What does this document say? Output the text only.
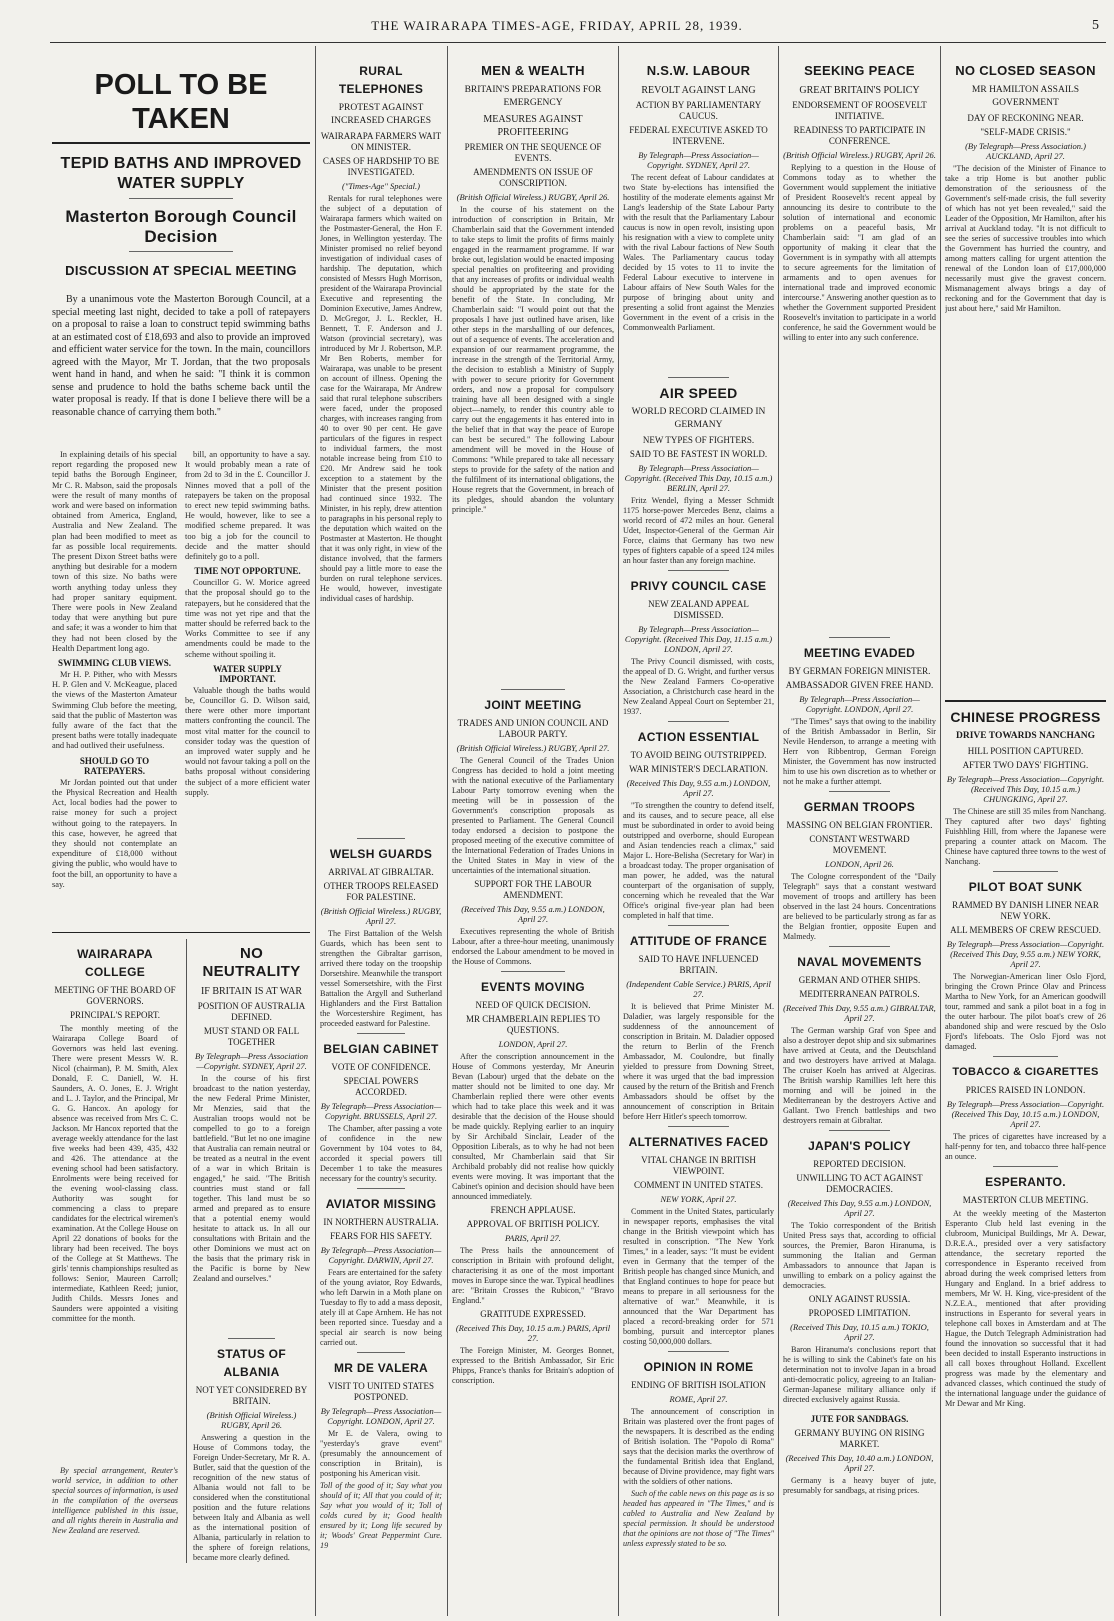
THE WAIRARAPA TIMES-AGE, FRIDAY, APRIL 28, 1939.	5
POLL TO BE TAKEN
TEPID BATHS AND IMPROVED WATER SUPPLY
Masterton Borough Council Decision
DISCUSSION AT SPECIAL MEETING

By a unanimous vote the Masterton Borough Council, at a special meeting last night, decided to take a poll of ratepayers on a proposal to raise a loan to construct tepid swimming baths at an estimated cost of £18,693 and also to provide an improved and efficient water service for the town. In the main, councillors agreed with the Mayor, Mr T. Jordan, that the two proposals went hand in hand, and when he said: "I think it is common sense and prudence to hold the baths scheme back until the water proposal is ready. If that is done I believe there will be a reasonable chance of carrying them both."

In explaining details of his special report regarding the proposed new tepid baths the Borough Engineer, Mr C. R. Mabson, said the proposals were the result of many months of work and were based on information obtained from America, England, Australia and New Zealand. The plan had been modified to meet as far as possible local requirements. The present Dixon Street baths were anything but desirable for a modern town of this size. No baths were worth anything today unless they had proper sanitary equipment. There were pools in New Zealand today that were anything but pure and safe; it was a wonder to him that they had not been closed by the Health Department long ago.

SWIMMING CLUB VIEWS.

Mr H. P. Pither, who with Messrs H. P. Glen and V. McKeague, placed the views of the Masterton Amateur Swimming Club before the meeting, said that the public of Masterton was fully aware of the fact that the present baths were totally inadequate and had outlived their usefulness.

SHOULD GO TO RATEPAYERS.

Mr Jordan pointed out that under the Physical Recreation and Health Act, local bodies had the power to raise money for such a project without going to the ratepayers. In this case, however, he agreed that they should not contemplate an expenditure of £18,000 without giving the public, who would have to foot the bill, an opportunity to have a say.

bill, an opportunity to have a say. It would probably mean a rate of from 2d to 3d in the £. Councillor J. Ninnes moved that a poll of the ratepayers be taken on the proposal to erect new tepid swimming baths. He would, however, like to see a modified scheme prepared. It was too big a job for the council to decide and the matter should definitely go to a poll.

TIME NOT OPPORTUNE.

Councillor G. W. Morice agreed that the proposal should go to the ratepayers, but he considered that the time was not yet ripe and that the matter should be referred back to the Works Committee to see if any amendments could be made to the scheme without spoiling it.

WATER SUPPLY IMPORTANT.

Valuable though the baths would be, Councillor G. D. Wilson said, there were other more important matters confronting the council. The most vital matter for the council to consider today was the question of an improved water supply and he would not favour taking a poll on the baths proposal without considering the subject of a more efficient water supply.

WAIRARAPA COLLEGE
MEETING OF THE BOARD OF GOVERNORS.
PRINCIPAL'S REPORT.

The monthly meeting of the Wairarapa College Board of Governors was held last evening. There were present Messrs W. R. Nicol (chairman), P. M. Smith, Alex Donald, F. C. Daniell, W. H. Saunders, A. O. Jones, E. J. Wright and L. J. Taylor, and the Principal, Mr G. G. Hancox. An apology for absence was received from Mrs C. C. Jackson. Mr Hancox reported that the average weekly attendance for the last five weeks had been 439, 435, 432 and 426. The attendance at the evening school had been satisfactory. Enrolments were being received for the evening wool-classing class. Authority was sought for commencing a class to prepare candidates for the electrical wiremen's examination. At the College House on April 22 donations of books for the library had been received. The boys of the College at St Matthews. The girls' tennis championships resulted as follows: Senior, Maureen Carroll; intermediate, Kathleen Reed; junior, Judith Childs. Messrs Jones and Saunders were appointed a visiting committee for the month.

By special arrangement, Reuter's world service, in addition to other special sources of information, is used in the compilation of the overseas intelligence published in this issue, and all rights therein in Australia and New Zealand are reserved.

NO NEUTRALITY
IF BRITAIN IS AT WAR
POSITION OF AUSTRALIA DEFINED.
MUST STAND OR FALL TOGETHER
By Telegraph—Press Association—Copyright. SYDNEY, April 27.

In the course of his first broadcast to the nation yesterday, the new Federal Prime Minister, Mr Menzies, said that the Australian troops would not be compelled to go to a foreign battlefield. "But let no one imagine that Australia can remain neutral or be treated as a neutral in the event of a war in which Britain is engaged," he said. "The British countries must stand or fall together. This land must be so armed and prepared as to ensure that a potential enemy would hesitate to attack us. In all our consultations with Britain and the other Dominions we must act on the basis that the primary risk in the Pacific is borne by New Zealand and ourselves."

STATUS OF ALBANIA
NOT YET CONSIDERED BY BRITAIN.
(British Official Wireless.) RUGBY, April 26.

Answering a question in the House of Commons today, the Foreign Under-Secretary, Mr R. A. Butler, said that the question of the recognition of the new status of Albania would not fall to be considered when the constitutional position and the future relations between Italy and Albania as well as the international position of Albania, particularly in relation to the sphere of foreign relations, became more clearly defined.

RURAL TELEPHONES
PROTEST AGAINST INCREASED CHARGES
WAIRARAPA FARMERS WAIT ON MINISTER.
CASES OF HARDSHIP TO BE INVESTIGATED.
("Times-Age" Special.)

Rentals for rural telephones were the subject of a deputation of Wairarapa farmers which waited on the Postmaster-General, the Hon F. Jones, in Wellington yesterday. The Minister promised no relief beyond investigation of individual cases of hardship. The deputation, which consisted of Messrs Hugh Morrison, president of the Wairarapa Provincial Executive and representing the Dominion Executive, James Andrew, D. McGregor, J. L. Reckler, H. Bennett, T. F. Anderson and J. Watson (provincial secretary), was introduced by Mr J. Robertson, M.P. Mr Ben Roberts, member for Wairarapa, was unable to be present on account of illness. Opening the case for the Wairarapa, Mr Andrew said that rural telephone subscribers were faced, under the proposed charges, with increases ranging from 40 to over 90 per cent. He gave particulars of the figures in respect to individual farmers, the most notable increase being from £10 to £20. Mr Andrew said he took exception to a statement by the Minister that the present position had continued since 1932. The Minister, in his reply, drew attention to paragraphs in his personal reply to the deputation which waited on the Postmaster at Masterton. He thought that it was only right, in view of the distance involved, that the farmers should pay a little more to ease the burden on rural telephone services. He would, however, investigate individual cases of hardship.

WELSH GUARDS
ARRIVAL AT GIBRALTAR.
OTHER TROOPS RELEASED FOR PALESTINE.
(British Official Wireless.) RUGBY, April 27.

The First Battalion of the Welsh Guards, which has been sent to strengthen the Gibraltar garrison, arrived there today on the troopship Dorsetshire. Meanwhile the transport vessel Somersetshire, with the First Battalion the Argyll and Sutherland Highlanders and the First Battalion the Worcestershire Regiment, has proceeded eastward for Palestine.

BELGIAN CABINET
VOTE OF CONFIDENCE.
SPECIAL POWERS ACCORDED.
By Telegraph—Press Association—Copyright. BRUSSELS, April 27.

The Chamber, after passing a vote of confidence in the new Government by 104 votes to 84, accorded it special powers till December 1 to take the measures necessary for the country's security.

AVIATOR MISSING
IN NORTHERN AUSTRALIA.
FEARS FOR HIS SAFETY.
By Telegraph—Press Association—Copyright. DARWIN, April 27.

Fears are entertained for the safety of the young aviator, Roy Edwards, who left Darwin in a Moth plane on Tuesday to fly to add a mass deposit, ately ill at Cape Arnhem. He has not been reported since. Tuesday and a special air search is now being carried out.

MR DE VALERA
VISIT TO UNITED STATES POSTPONED.
By Telegraph—Press Association—Copyright. LONDON, April 27.

Mr E. de Valera, owing to "yesterday's grave event" (presumably the announcement of conscription in Britain), is postponing his American visit.

Toll of the good of it; Say what you should of it; All that you could of it; Say what you would of it; Toll of colds cured by it; Good health ensured by it; Long life secured by it; Woods' Great Peppermint Cure. 19

MEN & WEALTH
BRITAIN'S PREPARATIONS FOR EMERGENCY
MEASURES AGAINST PROFITEERING
PREMIER ON THE SEQUENCE OF EVENTS.
AMENDMENTS ON ISSUE OF CONSCRIPTION.
(British Official Wireless.) RUGBY, April 26.

In the course of his statement on the introduction of conscription in Britain, Mr Chamberlain said that the Government intended to take steps to limit the profits of firms mainly engaged in the rearmament programme. If war broke out, legislation would be enacted imposing special penalties on profiteering and providing that any increases of profits or individual wealth should be appropriated by the state for the benefit of the State. In concluding, Mr Chamberlain said: "I would point out that the proposals I have just outlined have arisen, like other steps in the marshalling of our defences, out of a sequence of events. The acceleration and expansion of our rearmament programme, the increase in the strength of the Territorial Army, the decision to establish a Ministry of Supply with power to secure priority for Government orders, and now a proposal for compulsory training have all been designed with a single object—namely, to render this country able to carry out the engagements it has entered into in the belief that in that way the peace of Europe can best be secured." The following Labour amendment will be moved in the House of Commons: "While prepared to take all necessary steps to provide for the safety of the nation and the fulfilment of its international obligations, the House regrets that the Government, in breach of its pledges, should abandon the voluntary principle."

JOINT MEETING
TRADES AND UNION COUNCIL AND LABOUR PARTY.
(British Official Wireless.) RUGBY, April 27.

The General Council of the Trades Union Congress has decided to hold a joint meeting with the national executive of the Parliamentary Labour Party tomorrow evening when the meeting will be in possession of the Government's conscription proposals as presented to Parliament. The General Council today endorsed a decision to postpone the proposed meeting of the executive committee of the International Federation of Trades Unions in the United States in May in view of the uncertainties of the international situation.

SUPPORT FOR THE LABOUR AMENDMENT.
(Received This Day, 9.55 a.m.) LONDON, April 27.

Executives representing the whole of British Labour, after a three-hour meeting, unanimously endorsed the Labour amendment to be moved in the House of Commons.

EVENTS MOVING
NEED OF QUICK DECISION.
MR CHAMBERLAIN REPLIES TO QUESTIONS.
LONDON, April 27.

After the conscription announcement in the House of Commons yesterday, Mr Aneurin Bevan (Labour) urged that the debate on the matter should not be limited to one day. Mr Chamberlain replied there were other events which had to take place this week and it was desirable that the decision of the House should be made quickly. Replying earlier to an inquiry by Sir Archibald Sinclair, Leader of the Opposition Liberals, as to why he had not been consulted, Mr Chamberlain said that Sir Archibald probably did not realise how quickly events were moving. It was important that the Cabinet's opinion and decision should have been announced immediately.

FRENCH APPLAUSE.
APPROVAL OF BRITISH POLICY.
PARIS, April 27.

The Press hails the announcement of conscription in Britain with profound delight, characterising it as one of the most important moves in Europe since the war. Typical headlines are: "Britain Crosses the Rubicon," "Bravo England."

GRATITUDE EXPRESSED.
(Received This Day, 10.15 a.m.) PARIS, April 27.

The Foreign Minister, M. Georges Bonnet, expressed to the British Ambassador, Sir Eric Phipps, France's thanks for Britain's adoption of conscription.

N.S.W. LABOUR
REVOLT AGAINST LANG
ACTION BY PARLIAMENTARY CAUCUS.
FEDERAL EXECUTIVE ASKED TO INTERVENE.
By Telegraph—Press Association—Copyright. SYDNEY, April 27.

The recent defeat of Labour candidates at two State by-elections has intensified the hostility of the moderate elements against Mr Lang's leadership of the State Labour Party with the result that the Parliamentary Labour caucus is now in open revolt, insisting upon his resignation with a view to complete unity with the rival Labour factions of New South Wales. The Parliamentary caucus today decided by 15 votes to 11 to invite the Federal Labour executive to intervene in Labour affairs of New South Wales for the purpose of bringing about unity and presenting a solid front against the Menzies Government in the event of a crisis in the Commonwealth Parliament.

AIR SPEED
WORLD RECORD CLAIMED IN GERMANY
NEW TYPES OF FIGHTERS.
SAID TO BE FASTEST IN WORLD.
By Telegraph—Press Association—Copyright. (Received This Day, 10.15 a.m.) BERLIN, April 27.

Fritz Wendel, flying a Messer Schmidt 1175 horse-power Mercedes Benz, claims a world record of 472 miles an hour. General Udet, Inspector-General of the German Air Force, claims that Germany has two new types of fighters capable of a speed 124 miles an hour faster than any foreign machine.

PRIVY COUNCIL CASE
NEW ZEALAND APPEAL DISMISSED.
By Telegraph—Press Association—Copyright. (Received This Day, 11.15 a.m.) LONDON, April 27.

The Privy Council dismissed, with costs, the appeal of D. G. Wright, and further versus the New Zealand Farmers Co-operative Association, a Christchurch case heard in the New Zealand Appeal Court on September 21, 1937.

ACTION ESSENTIAL
TO AVOID BEING OUTSTRIPPED.
WAR MINISTER'S DECLARATION.
(Received This Day, 9.55 a.m.) LONDON, April 27.

"To strengthen the country to defend itself, and its causes, and to secure peace, all else must be subordinated in order to avoid being outstripped and overborne, should European and Asian tendencies reach a climax," said Major L. Hore-Belisha (Secretary for War) in a broadcast today. The proper organisation of man power, he added, was the natural counterpart of the organisation of supply, concerning which he revealed that the War Office's original five-year plan had been completed in half that time.

ATTITUDE OF FRANCE
SAID TO HAVE INFLUENCED BRITAIN.
(Independent Cable Service.) PARIS, April 27.

It is believed that Prime Minister M. Daladier, was largely responsible for the suddenness of the announcement of conscription in Britain. M. Daladier opposed the return to Berlin of the French Ambassador, M. Coulondre, but finally yielded to pressure from Downing Street, where it was urged that the bad impression caused by the return of the British and French Ambassadors should be offset by the announcement of conscription in Britain before Herr Hitler's speech tomorrow.

ALTERNATIVES FACED
VITAL CHANGE IN BRITISH VIEWPOINT.
COMMENT IN UNITED STATES.
NEW YORK, April 27.

Comment in the United States, particularly in newspaper reports, emphasises the vital change in the British viewpoint which has resulted in conscription. "The New York Times," in a leader, says: "It must be evident even in Germany that the temper of the British people has changed since Munich, and that England continues to hope for peace but means to prepare in all seriousness for the alternative of war." Meanwhile, it is announced that the War Department has placed a record-breaking order for 571 bombing, pursuit and interceptor planes costing 50,000,000 dollars.

OPINION IN ROME
ENDING OF BRITISH ISOLATION
ROME, April 27.

The announcement of conscription in Britain was plastered over the front pages of the newspapers. It is described as the ending of British isolation. The "Popolo di Roma" says that the decision marks the overthrow of the fundamental British idea that England, because of Divine providence, may fight wars with the soldiers of other nations.

Such of the cable news on this page as is so headed has appeared in "The Times," and is cabled to Australia and New Zealand by special permission. It should be understood that the opinions are not those of "The Times" unless expressly stated to be so.

SEEKING PEACE
GREAT BRITAIN'S POLICY
ENDORSEMENT OF ROOSEVELT INITIATIVE.
READINESS TO PARTICIPATE IN CONFERENCE.
(British Official Wireless.) RUGBY, April 26.

Replying to a question in the House of Commons today as to whether the Government would supplement the initiative of President Roosevelt's recent appeal by announcing its desire to contribute to the solution of international and economic problems on a peaceful basis, Mr Chamberlain said: "I am glad of an opportunity of making it clear that the Government is in sympathy with all attempts to secure agreements for the limitation of armaments and to open avenues for international trade and improved economic intercourse." Answering another question as to whether the Government supported President Roosevelt's invitation to participate in a world conference, he said the Government would be willing to enter into any such conference.

MEETING EVADED
BY GERMAN FOREIGN MINISTER.
AMBASSADOR GIVEN FREE HAND.
By Telegraph—Press Association—Copyright. LONDON, April 27.

"The Times" says that owing to the inability of the British Ambassador in Berlin, Sir Nevile Henderson, to arrange a meeting with Herr von Ribbentrop, German Foreign Minister, the Government has now instructed him to use his own discretion as to whether or not he make a further attempt.

GERMAN TROOPS
MASSING ON BELGIAN FRONTIER.
CONSTANT WESTWARD MOVEMENT.
LONDON, April 26.

The Cologne correspondent of the "Daily Telegraph" says that a constant westward movement of troops and artillery has been observed in the last 24 hours. Concentrations are believed to be particularly strong as far as the Belgian frontier, opposite Eupen and Malmedy.

NAVAL MOVEMENTS
GERMAN AND OTHER SHIPS.
MEDITERRANEAN PATROLS.
(Received This Day, 9.55 a.m.) GIBRALTAR, April 27.

The German warship Graf von Spee and also a destroyer depot ship and six submarines have arrived at Ceuta, and the Deutschland and two destroyers have arrived at Malaga. The cruiser Koeln has arrived at Algeciras. The British warship Ramillies left here this morning and will be joined in the Mediterranean by the destroyers Active and Gallant. Two French battleships and two destroyers remain at Gibraltar.

JAPAN'S POLICY
REPORTED DECISION.
UNWILLING TO ACT AGAINST DEMOCRACIES.
(Received This Day, 9.55 a.m.) LONDON, April 27.

The Tokio correspondent of the British United Press says that, according to official sources, the Premier, Baron Hiranuma, is summoning the Italian and German Ambassadors to announce that Japan is unwilling to embark on a policy against the democracies.

ONLY AGAINST RUSSIA.
PROPOSED LIMITATION.
(Received This Day, 10.15 a.m.) TOKIO, April 27.

Baron Hiranuma's conclusions report that he is willing to sink the Cabinet's fate on his determination not to involve Japan in a broad anti-democratic policy, agreeing to an Italian-German-Japanese military alliance only if directed exclusively against Russia.

JUTE FOR SANDBAGS.
GERMANY BUYING ON RISING MARKET.
(Received This Day, 10.40 a.m.) LONDON, April 27.

Germany is a heavy buyer of jute, presumably for sandbags, at rising prices.

NO CLOSED SEASON
MR HAMILTON ASSAILS GOVERNMENT
DAY OF RECKONING NEAR.
"SELF-MADE CRISIS."
(By Telegraph—Press Association.) AUCKLAND, April 27.

"The decision of the Minister of Finance to take a trip Home is but another public demonstration of the seriousness of the Government's self-made crisis, the full severity of which has not yet been revealed," said the Leader of the Opposition, Mr Hamilton, after his arrival at Auckland today. "It is not difficult to see the series of successive troubles into which the Government has hurried the country, and among matters calling for urgent attention the renewal of the London loan of £17,000,000 necessarily must give the gravest concern. Mismanagement always brings a day of reckoning and for the Government that day is just about here," said Mr Hamilton.

CHINESE PROGRESS
DRIVE TOWARDS NANCHANG
HILL POSITION CAPTURED.
AFTER TWO DAYS' FIGHTING.
By Telegraph—Press Association—Copyright. (Received This Day, 10.15 a.m.) CHUNGKING, April 27.

The Chinese are still 35 miles from Nanchang. They captured after two days' fighting Fuishhling Hill, from where the Japanese were preparing a counter attack on Macom. The Chinese have captured three towns to the west of Nanchang.

PILOT BOAT SUNK
RAMMED BY DANISH LINER NEAR NEW YORK.
ALL MEMBERS OF CREW RESCUED.
By Telegraph—Press Association—Copyright. (Received This Day, 9.55 a.m.) NEW YORK, April 27.

The Norwegian-American liner Oslo Fjord, bringing the Crown Prince Olav and Princess Martha to New York, for an American goodwill tour, rammed and sank a pilot boat in a fog in the outer harbour. The pilot boat's crew of 26 abandoned ship and were rescued by the Oslo Fjord's lifeboats. The Oslo Fjord was not damaged.

TOBACCO & CIGARETTES
PRICES RAISED IN LONDON.
By Telegraph—Press Association—Copyright. (Received This Day, 10.15 a.m.) LONDON, April 27.

The prices of cigarettes have increased by a half-penny for ten, and tobacco three half-pence an ounce.

ESPERANTO.
MASTERTON CLUB MEETING.

At the weekly meeting of the Masterton Esperanto Club held last evening in the clubroom, Municipal Buildings, Mr A. Dewar, D.R.E.A., presided over a very satisfactory attendance, the secretary reported the correspondence in Esperanto received from abroad during the week comprised letters from Hungary and England. In a brief address to members, Mr W. H. King, vice-president of the N.Z.E.A., mentioned that after providing instructions in Esperanto for several years in telephone call boxes in Amsterdam and at The Hague, the Dutch Telegraph Administration had found the innovation so successful that it had been decided to install Esperanto instructions in all call boxes throughout Holland. Excellent progress was made by the elementary and advanced classes, which continued the study of the international language under the guidance of Mr Dewar and Mr King.
